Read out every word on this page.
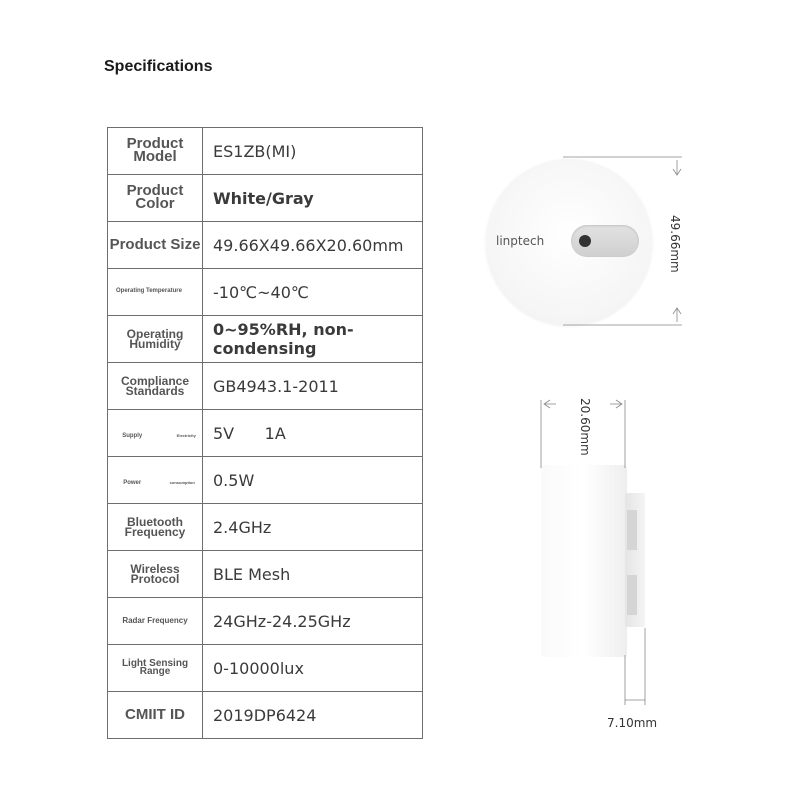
Specifications
Product Model	ES1ZB(MI)
Product Color	White/Gray
Product Size	49.66X49.66X20.60mm

Operating Temperature	-10℃~40℃
Operating Humidity	0~95%RH, non-condensing
Compliance Standards	GB4943.1-2011
Supply Electricity	5V      1A
Power consumption	0.5W
Bluetooth Frequency	2.4GHz
Wireless Protocol	BLE Mesh
Radar Frequency	24GHz-24.25GHz
Light Sensing Range	0-10000lux
CMIIT ID	2019DP6424
linptech	49.66mm
20.60mm
7.10mm
